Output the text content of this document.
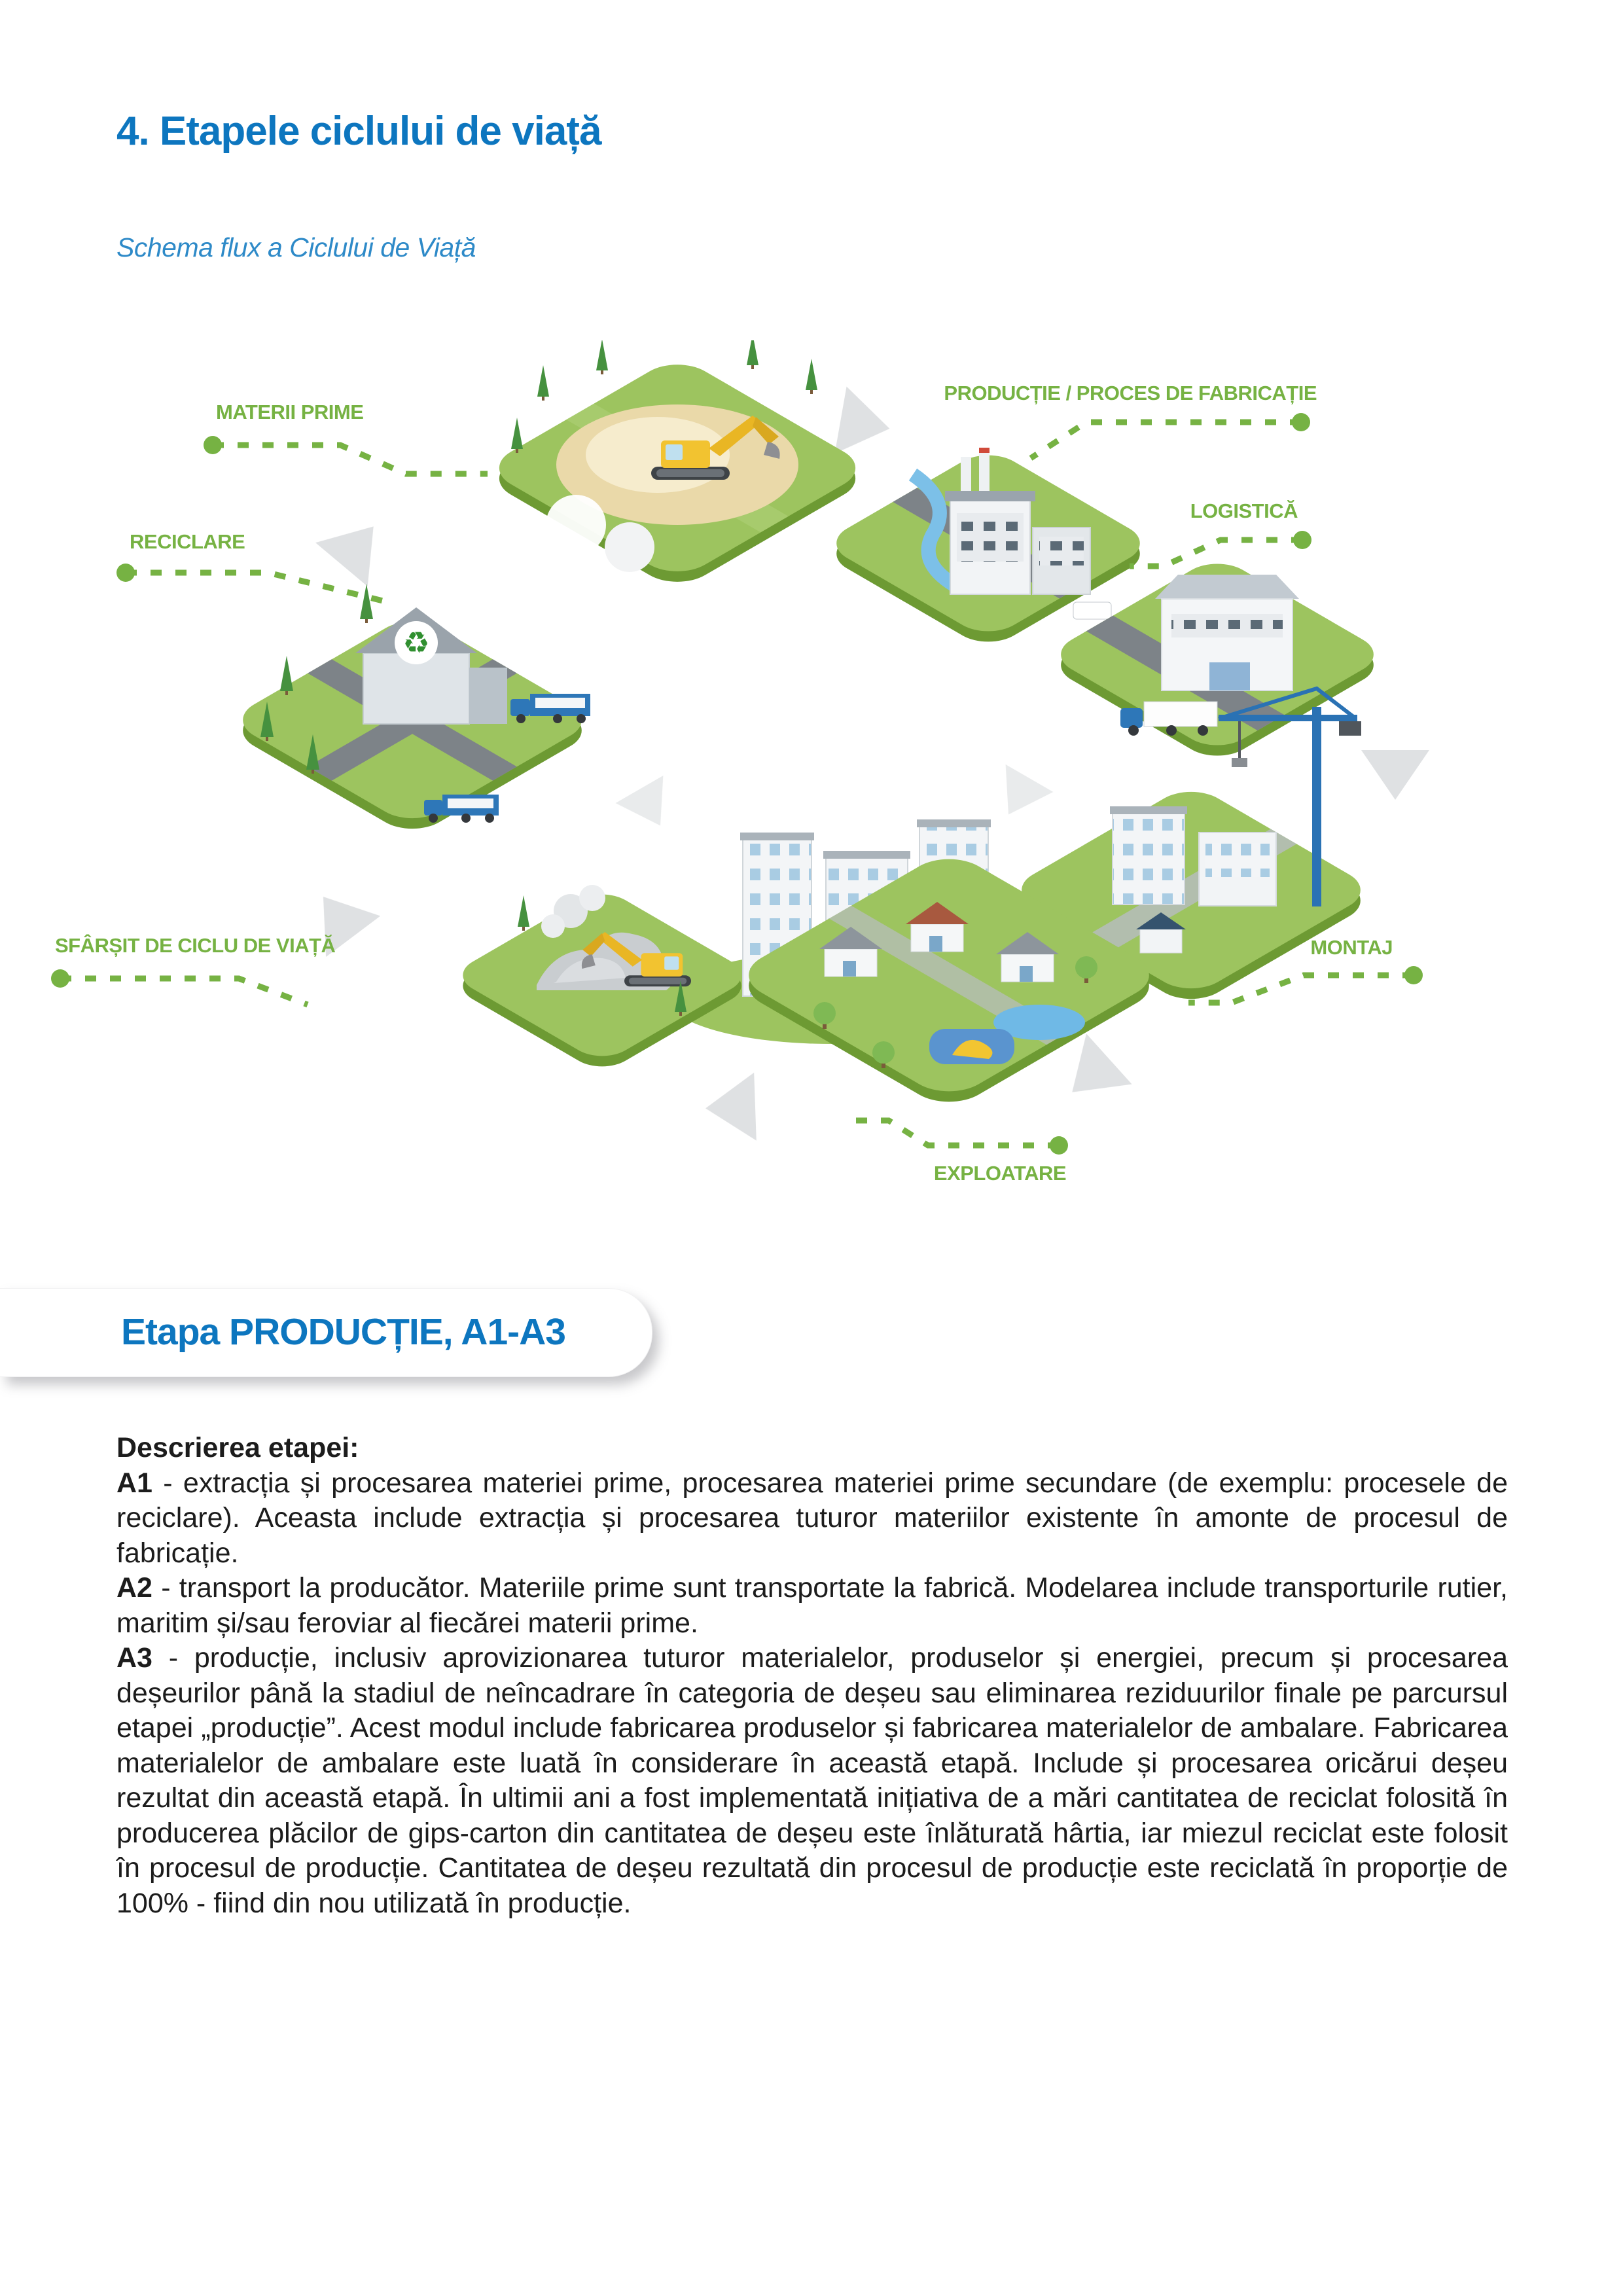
4. Etapele ciclului de viață
Schema flux a Ciclului de Viață
♻
MATERII PRIME
PRODUCȚIE / PROCES DE FABRICAȚIE
RECICLARE
LOGISTICĂ
SFÂRȘIT DE CICLU DE VIAȚĂ	MONTAJ
EXPLOATARE
Etapa PRODUCȚIE, A1-A3

Descrierea etapei:

A1 - extracția și procesarea materiei prime, procesarea materiei prime secundare (de exemplu: procesele de reciclare). Aceasta include extracția și procesarea tuturor materiilor existente în amonte de procesul de fabricație.

A2 - transport la producător. Materiile prime sunt transportate la fabrică. Modelarea include transporturile rutier, maritim și/sau feroviar al fiecărei materii prime.

A3 - producție, inclusiv aprovizionarea tuturor materialelor, produselor și energiei, precum și procesarea deșeurilor până la stadiul de neîncadrare în categoria de deșeu sau eliminarea reziduurilor finale pe parcursul etapei „producție”. Acest modul include fabricarea produselor și fabricarea materialelor de ambalare. Fabricarea materialelor de ambalare este luată în considerare în această etapă. Include și procesarea oricărui deșeu rezultat din această etapă. În ultimii ani a fost implementată inițiativa de a mări cantitatea de reciclat folosită în producerea plăcilor de gips-carton din cantitatea de deșeu este înlăturată hârtia, iar miezul reciclat este folosit în procesul de producție. Cantitatea de deșeu rezultată din procesul de producție este reciclată în proporție de 100% - fiind din nou utilizată în producție.
